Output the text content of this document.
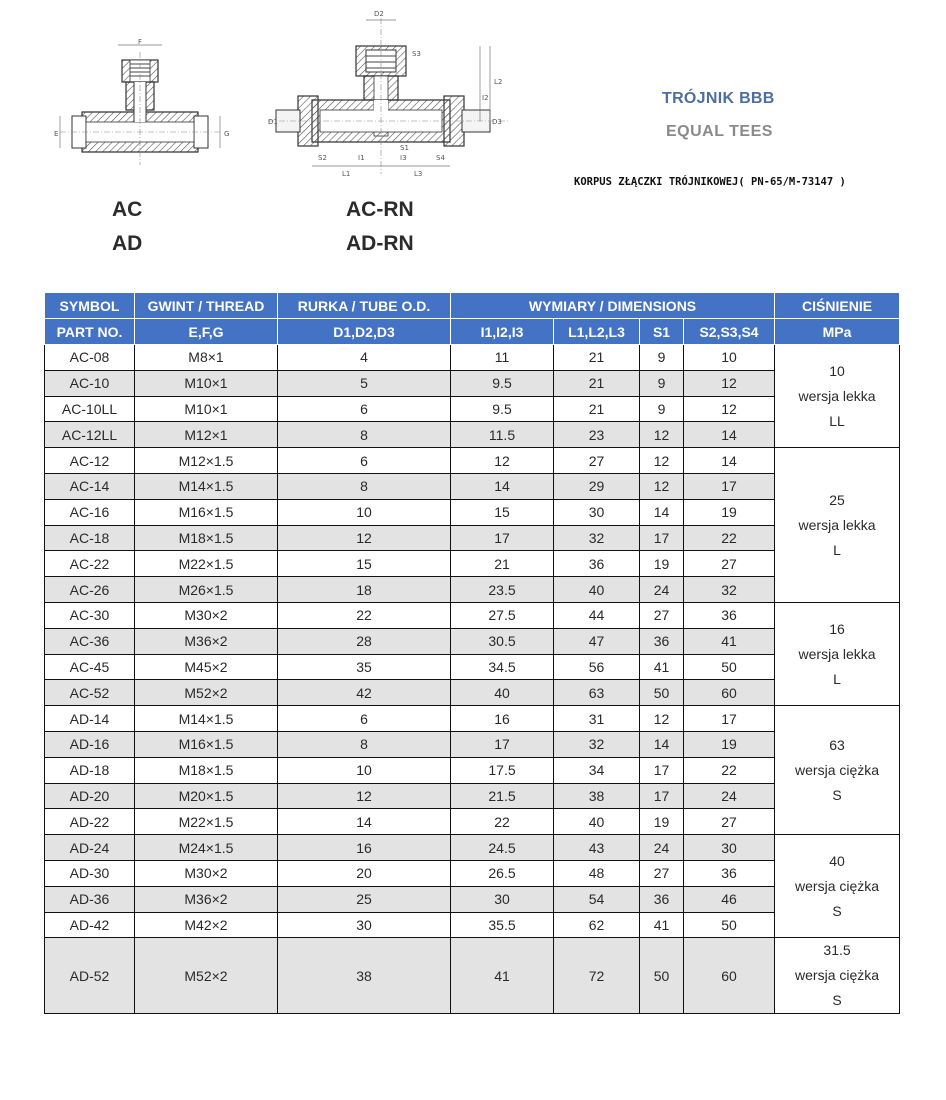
F
E	G
D2
S3
L2
I2
D1	D3
S1
S2	S4
I1	I3
L1	L3
AC
AD
AC-RN
AD-RN
TRÓJNIK BBB
EQUAL TEES
KORPUS ZŁĄCZKI TRÓJNIKOWEJ( PN-65/M-73147 )
SYMBOL	GWINT / THREAD	RURKA / TUBE O.D.	WYMIARY / DIMENSIONS				CIŚNIENIE
PART NO.	E,F,G	D1,D2,D3	I1,I2,I3	L1,L2,L3	S1	S2,S3,S4	MPa
AC-08	M8×1	4	11	21	9	10	10
wersja lekka
LL

AC-10	M10×1	5	9.5	21	9	12	
AC-10LL	M10×1	6	9.5	21	9	12	
AC-12LL	M12×1	8	11.5	23	12	14	
AC-12	M12×1.5	6	12	27	12	14	25
wersja lekka
L

AC-14	M14×1.5	8	14	29	12	17	
AC-16	M16×1.5	10	15	30	14	19	
AC-18	M18×1.5	12	17	32	17	22	
AC-22	M22×1.5	15	21	36	19	27	
AC-26	M26×1.5	18	23.5	40	24	32	
AC-30	M30×2	22	27.5	44	27	36	16
wersja lekka
L

AC-36	M36×2	28	30.5	47	36	41	
AC-45	M45×2	35	34.5	56	41	50	
AC-52	M52×2	42	40	63	50	60	
AD-14	M14×1.5	6	16	31	12	17	63
wersja ciężka
S

AD-16	M16×1.5	8	17	32	14	19	
AD-18	M18×1.5	10	17.5	34	17	22	
AD-20	M20×1.5	12	21.5	38	17	24	
AD-22	M22×1.5	14	22	40	19	27	
AD-24	M24×1.5	16	24.5	43	24	30	40
wersja ciężka
S

AD-30	M30×2	20	26.5	48	27	36	
AD-36	M36×2	25	30	54	36	46	
AD-42	M42×2	30	35.5	62	41	50	
AD-52	M52×2	38	41	72	50	60	31.5
wersja ciężka
S
